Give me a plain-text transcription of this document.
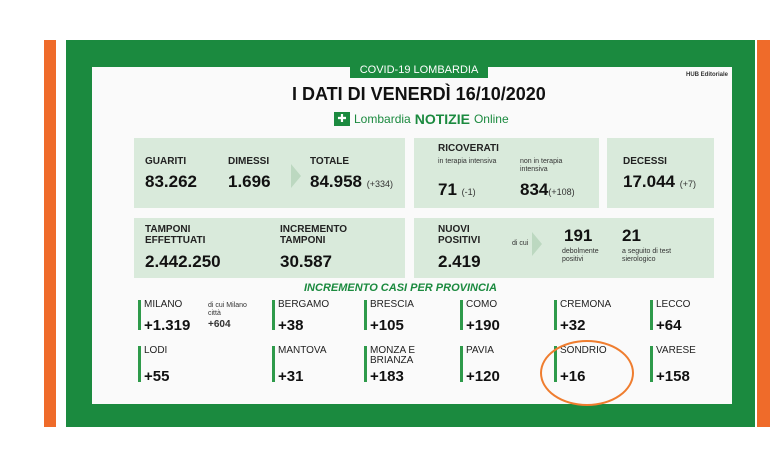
COVID-19 LOMBARDIA	HUB Editoriale
I DATI DI VENERDÌ 16/10/2020
✚ Lombardia NOTIZIE Online
GUARITI
83.262
DIMESSI
1.696
TOTALE
84.958 (+334)
RICOVERATI
in terapia intensiva
71 (-1)
non in terapia intensiva
834(+108)
DECESSI
17.044 (+7)
TAMPONI EFFETTUATI
2.442.250
INCREMENTO TAMPONI
30.587
NUOVI POSITIVI
2.419
di cui 191
debolmente positivi
21
a seguito di test sierologico
INCREMENTO CASI PER PROVINCIA
MILANO
+1.319
di cui Milano città
+604
BERGAMO
+38
BRESCIA
+105
COMO
+190
CREMONA
+32
LECCO
+64
LODI
+55
MANTOVA
+31
MONZA E BRIANZA
+183
PAVIA
+120
SONDRIO
+16
VARESE
+158
